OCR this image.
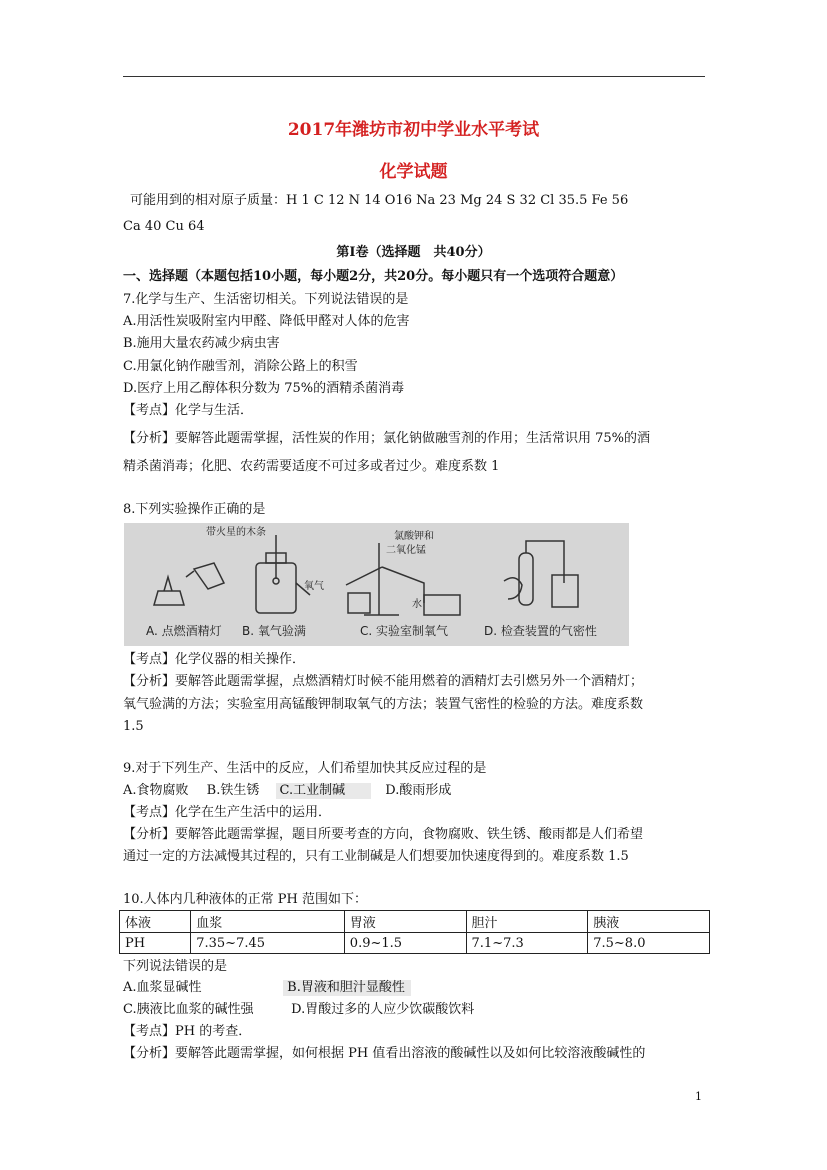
2017年潍坊市初中学业水平考试
化学试题
可能用到的相对原子质量：H 1 C 12 N 14 O16 Na 23 Mg 24 S 32 Cl 35.5 Fe 56
Ca 40 Cu 64
第Ⅰ卷（选择题　共40分）
一、选择题（本题包括10小题，每小题2分，共20分。每小题只有一个选项符合题意）
7.化学与生产、生活密切相关。下列说法错误的是
A.用活性炭吸附室内甲醛、降低甲醛对人体的危害
B.施用大量农药减少病虫害
C.用氯化钠作融雪剂，消除公路上的积雪
D.医疗上用乙醇体积分数为 75%的酒精杀菌消毒
【考点】化学与生活．
【分析】要解答此题需掌握，活性炭的作用；氯化钠做融雪剂的作用；生活常识用 75%的酒
精杀菌消毒；化肥、农药需要适度不可过多或者过少。难度系数 1
8.下列实验操作正确的是
A. 点燃酒精灯
带火星的木条
氧气
B. 氧气验满
氯酸钾和
二氧化锰
水
C. 实验室制氧气	D. 检查装置的气密性
【考点】化学仪器的相关操作．
【分析】要解答此题需掌握，点燃酒精灯时候不能用燃着的酒精灯去引燃另外一个酒精灯；
氧气验满的方法；实验室用高锰酸钾制取氧气的方法；装置气密性的检验的方法。难度系数
1.5
9.对于下列生产、生活中的反应，人们希望加快其反应过程的是
A.食物腐败 B.铁生锈 C.工业制碱	D.酸雨形成
【考点】化学在生产生活中的运用．
【分析】要解答此题需掌握，题目所要考查的方向，食物腐败、铁生锈、酸雨都是人们希望
通过一定的方法减慢其过程的，只有工业制碱是人们想要加快速度得到的。难度系数 1.5
10.人体内几种液体的正常 PH 范围如下：
体液	血浆	胃液	胆汁	胰液
PH	7.35~7.45	0.9~1.5	7.1~7.3	7.5~8.0
下列说法错误的是
A.血浆显碱性	B.胃液和胆汁显酸性
C.胰液比血浆的碱性强	D.胃酸过多的人应少饮碳酸饮料
【考点】PH 的考查．
【分析】要解答此题需掌握，如何根据 PH 值看出溶液的酸碱性以及如何比较溶液酸碱性的
1
